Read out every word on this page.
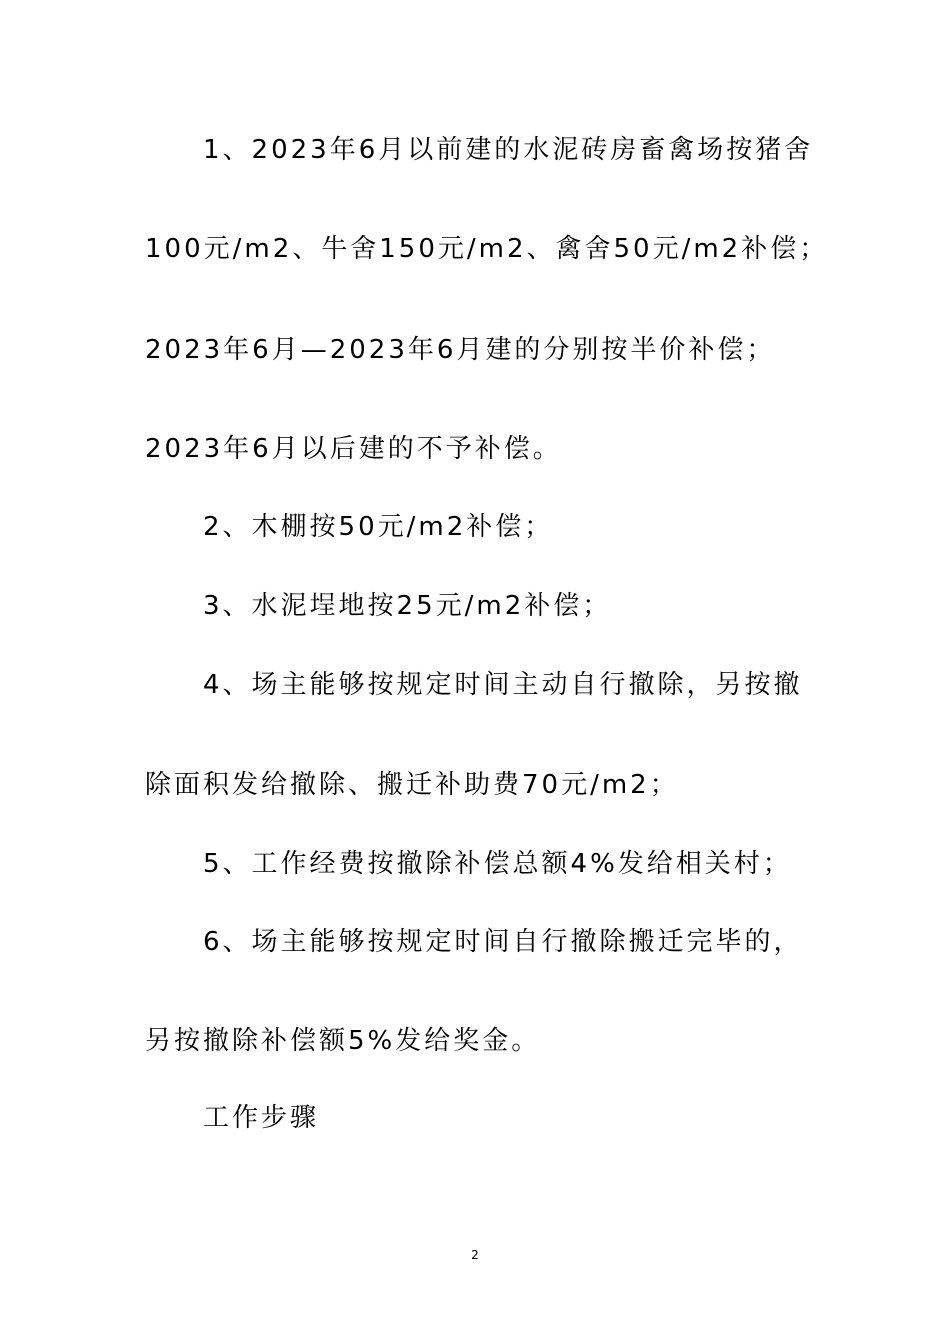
1、2023年6月以前建的水泥砖房畜禽场按猪舍
100元/m2、牛舍150元/m2、禽舍50元/m2补偿；
2023年6月—2023年6月建的分别按半价补偿；
2023年6月以后建的不予补偿。
2、木棚按50元/m2补偿；
3、水泥埕地按25元/m2补偿；
4、场主能够按规定时间主动自行撤除，另按撤
除面积发给撤除、搬迁补助费70元/m2；
5、工作经费按撤除补偿总额4%发给相关村；
6、场主能够按规定时间自行撤除搬迁完毕的，
另按撤除补偿额5%发给奖金。
工作步骤
2
